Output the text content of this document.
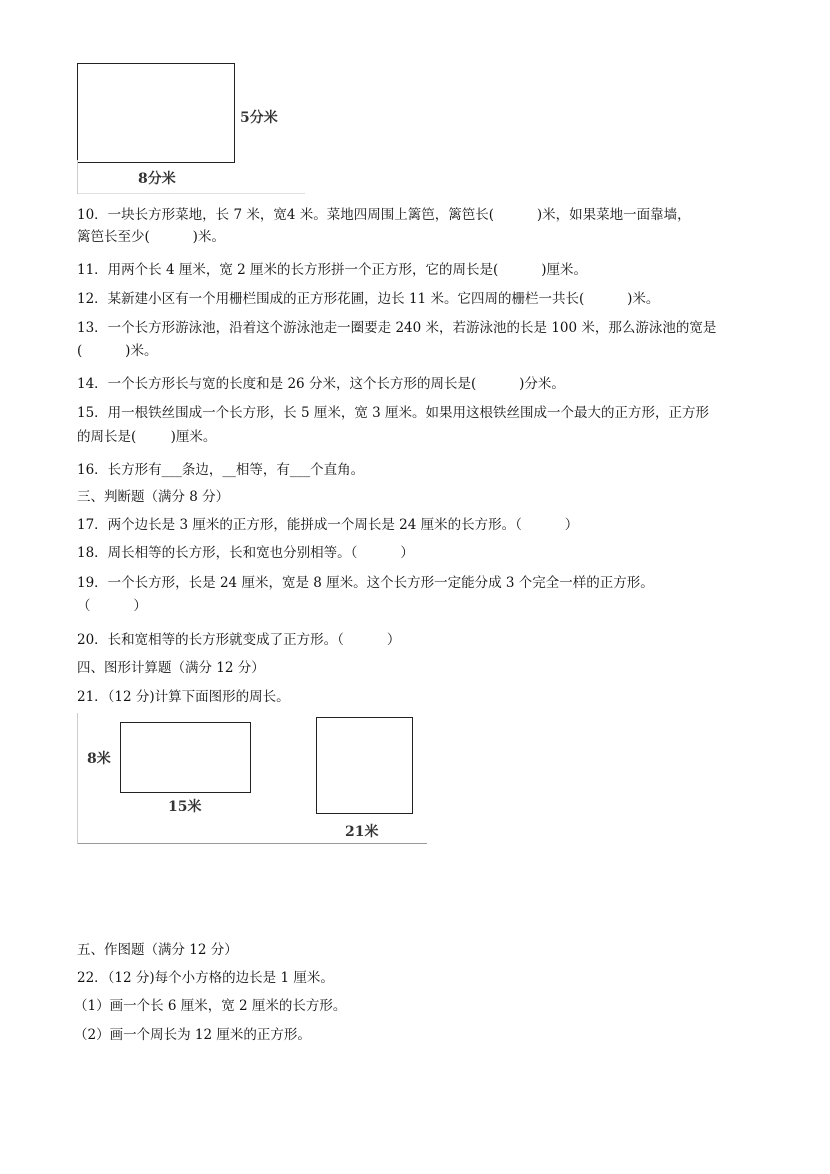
5分米
8分米
10．一块长方形菜地，长 7 米，宽4 米。菜地四周围上篱笆，篱笆长(          )米，如果菜地一面靠墙，
篱笆长至少(          )米。
11．用两个长 4 厘米，宽 2 厘米的长方形拼一个正方形，它的周长是(          )厘米。
12．某新建小区有一个用栅栏围成的正方形花圃，边长 11 米。它四周的栅栏一共长(          )米。
13．一个长方形游泳池，沿着这个游泳池走一圈要走 240 米，若游泳池的长是 100 米，那么游泳池的宽是
(          )米。
14．一个长方形长与宽的长度和是 26 分米，这个长方形的周长是(          )分米。
15．用一根铁丝围成一个长方形，长 5 厘米，宽 3 厘米。如果用这根铁丝围成一个最大的正方形，正方形
的周长是(        )厘米。
16．长方形有___条边，__相等，有___个直角。
三、判断题（满分 8 分）
17．两个边长是 3 厘米的正方形，能拼成一个周长是 24 厘米的长方形。（          ）
18．周长相等的长方形，长和宽也分别相等。（          ）
19．一个长方形，长是 24 厘米，宽是 8 厘米。这个长方形一定能分成 3 个完全一样的正方形。
（          ）
20．长和宽相等的长方形就变成了正方形。（          ）
四、图形计算题（满分 12 分）
21．（12 分)计算下面图形的周长。
8米
15米
21米
五、作图题（满分 12 分）
22．（12 分)每个小方格的边长是 1 厘米。
（1）画一个长 6 厘米，宽 2 厘米的长方形。
（2）画一个周长为 12 厘米的正方形。
